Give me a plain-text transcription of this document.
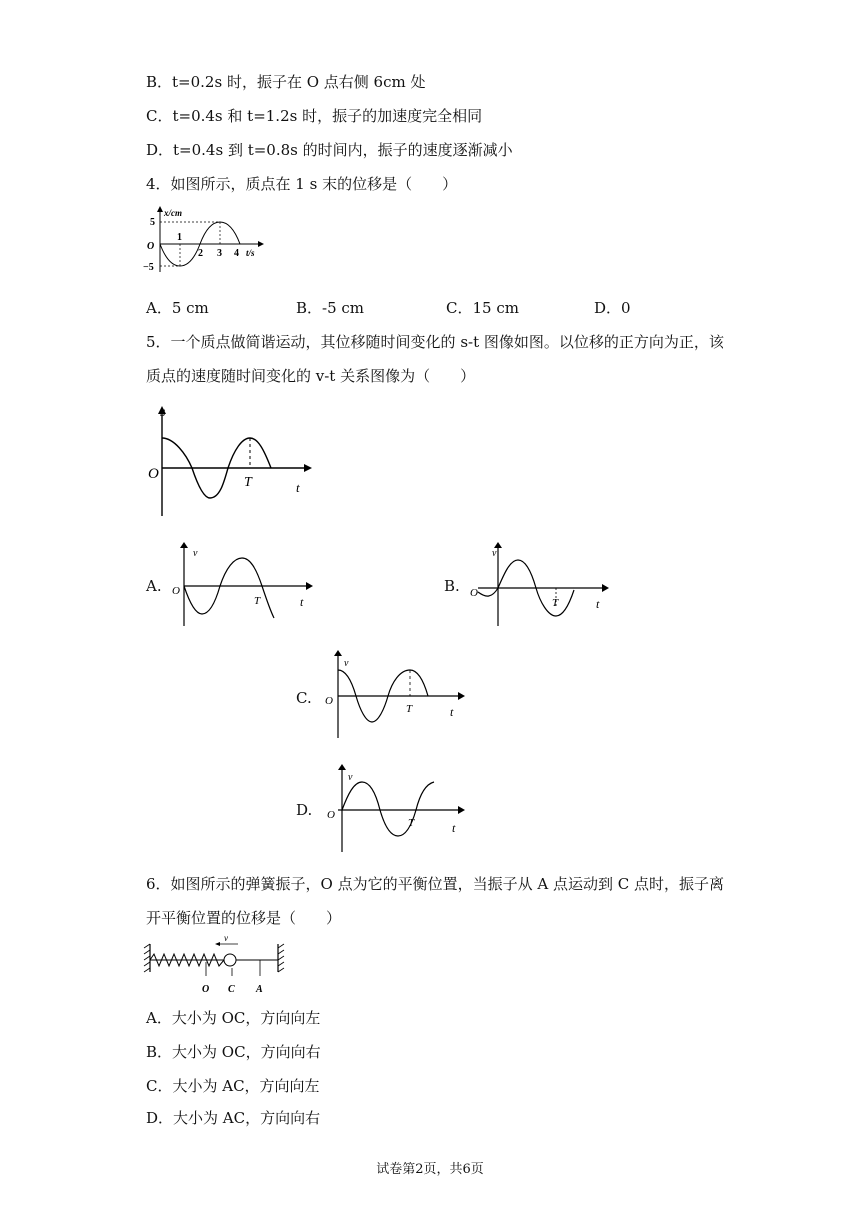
B．t=0.2s 时，振子在 O 点右侧 6cm 处
C．t=0.4s 和 t=1.2s 时，振子的加速度完全相同
D．t=0.4s 到 t=0.8s 的时间内，振子的速度逐渐减小
4．如图所示，质点在 1 s 末的位移是（　　）
x/cm
5
−5
O
1
2 3 4 t/s
A．5 cm	B．-5 cm	C．15 cm	D．0
5．一个质点做简谐运动，其位移随时间变化的 s-t 图像如图。以位移的正方向为正，该
质点的速度随时间变化的 v-t 关系图像为（　　）
s
O
T	t
A.
v
O
T	t
B.
v
O
T	t
C.
v
O
T	t
D.
v
O
T	t
6．如图所示的弹簧振子，O 点为它的平衡位置，当振子从 A 点运动到 C 点时，振子离
开平衡位置的位移是（　　）
v
O C A
A．大小为 OC，方向向左
B．大小为 OC，方向向右
C．大小为 AC，方向向左
D．大小为 AC，方向向右
试卷第2页，共6页
